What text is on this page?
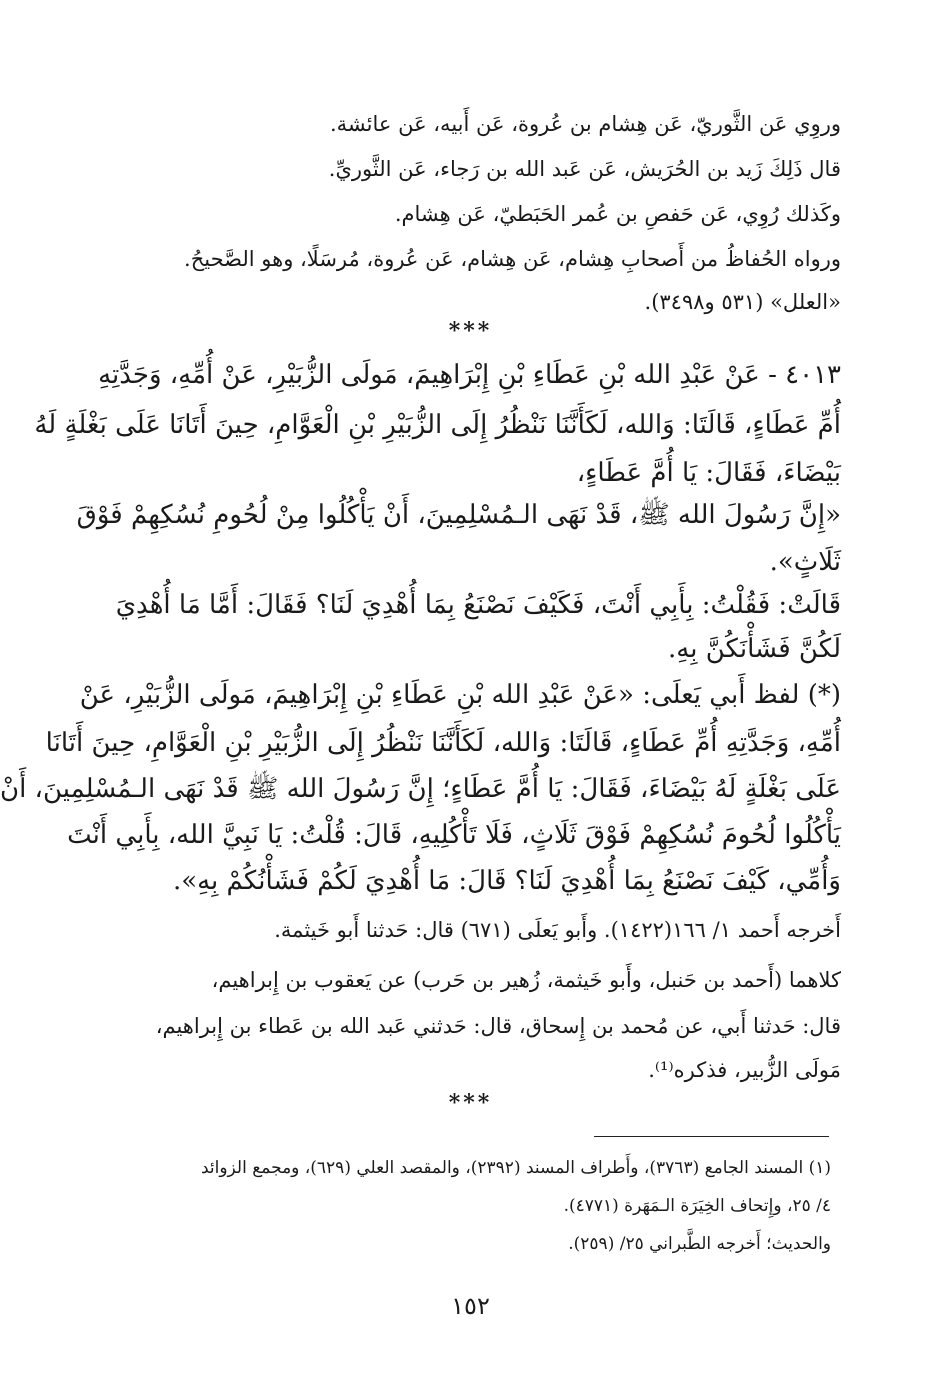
وروِي عَن الثَّوريّ، عَن هِشام بن عُروة، عَن أَبيه، عَن عائشة.
قال ذَلِكَ زَيد بن الحُرَيش، عَن عَبد الله بن رَجاء، عَن الثَّوريِّ.
وكَذلك رُوِي، عَن حَفصِ بن عُمر الحَبَطيّ، عَن هِشام.
ورواه الحُفاظُ من أَصحابِ هِشام، عَن هِشام، عَن عُروة، مُرسَلًا، وهو الصَّحيحُ.
«العلل» (٥٣١ و٣٤٩٨).
***
٤٠١٣ - عَنْ عَبْدِ الله بْنِ عَطَاءِ بْنِ إِبْرَاهِيمَ، مَولَى الزُّبَيْرِ، عَنْ أُمِّهِ، وَجَدَّتِهِ
أُمِّ عَطَاءٍ، قَالَتَا: وَالله، لَكَأَنَّنَا نَنْظُرُ إِلَى الزُّبَيْرِ بْنِ الْعَوَّامِ، حِينَ أَتَانَا عَلَى بَغْلَةٍ لَهُ
بَيْضَاءَ، فَقَالَ: يَا أُمَّ عَطَاءٍ،
«إِنَّ رَسُولَ الله ﷺ، قَدْ نَهَى الـمُسْلِمِينَ، أَنْ يَأْكُلُوا مِنْ لُحُومِ نُسُكِهِمْ فَوْقَ
ثَلَاثٍ».
قَالَتْ: فَقُلْتُ: بِأَبِي أَنْتَ، فَكَيْفَ نَصْنَعُ بِمَا أُهْدِيَ لَنَا؟ فَقَالَ: أَمَّا مَا أُهْدِيَ
لَكُنَّ فَشَأْنَكُنَّ بِهِ.
(*) لفظ أَبي يَعلَى: «عَنْ عَبْدِ الله بْنِ عَطَاءِ بْنِ إِبْرَاهِيمَ، مَولَى الزُّبَيْرِ، عَنْ
أُمِّهِ، وَجَدَّتِهِ أُمِّ عَطَاءٍ، قَالَتَا: وَالله، لَكَأَنَّنَا نَنْظُرُ إِلَى الزُّبَيْرِ بْنِ الْعَوَّامِ، حِينَ أَتَانَا
عَلَى بَغْلَةٍ لَهُ بَيْضَاءَ، فَقَالَ: يَا أُمَّ عَطَاءٍ؛ إِنَّ رَسُولَ الله ﷺ قَدْ نَهَى الـمُسْلِمِينَ، أَنْ
يَأْكُلُوا لُحُومَ نُسُكِهِمْ فَوْقَ ثَلَاثٍ، فَلَا تَأْكُلِيهِ، قَالَ: قُلْتُ: يَا نَبِيَّ الله، بِأَبِي أَنْتَ
وَأُمِّي، كَيْفَ نَصْنَعُ بِمَا أُهْدِيَ لَنَا؟ قَالَ: مَا أُهْدِيَ لَكُمْ فَشَأْنُكُمْ بِهِ».
أَخرجه أَحمد ١/ ١٦٦(١٤٢٢). وأَبو يَعلَى (٦٧١) قال: حَدثنا أَبو خَيثمة.
كلاهما (أَحمد بن حَنبل، وأَبو خَيثمة، زُهير بن حَرب) عن يَعقوب بن إِبراهيم،
قال: حَدثنا أَبي، عن مُحمد بن إِسحاق، قال: حَدثني عَبد الله بن عَطاء بن إِبراهيم،
مَولَى الزُّبير، فذكره⁽¹⁾.
***
(١) المسند الجامع (٣٧٦٣)، وأَطراف المسند (٢٣٩٢)، والمقصد العلي (٦٢٩)، ومجمع الزوائد
٤/ ٢٥، وإِتحاف الخِيَرَة الـمَهَرة (٤٧٧١).
والحديث؛ أَخرجه الطَّبراني ٢٥/ (٢٥٩).
١٥٢
